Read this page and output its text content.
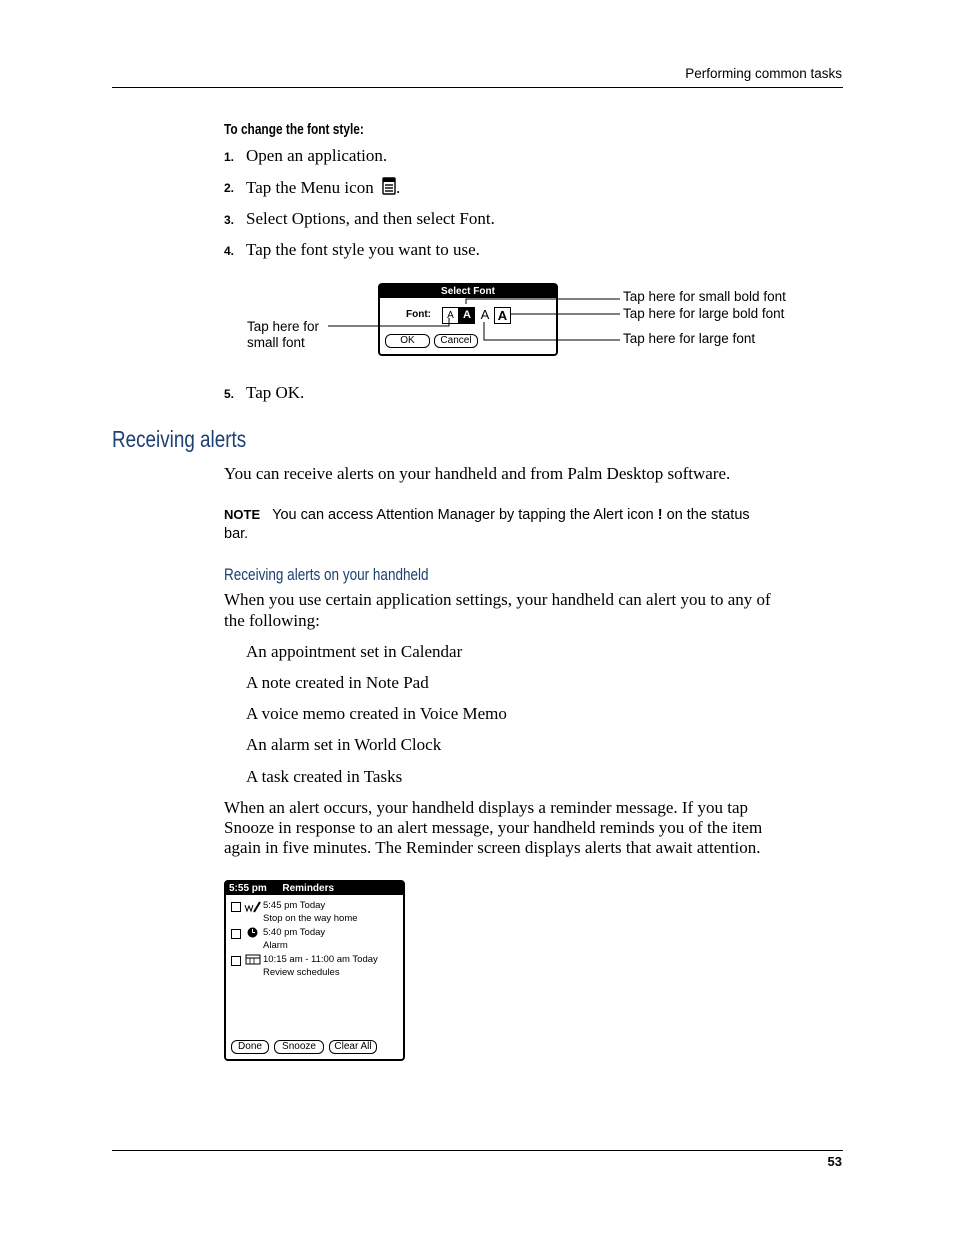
Performing common tasks
To change the font style:
1. Open an application.
2. Tap the Menu icon .
3. Select Options, and then select Font.
4. Tap the font style you want to use.
Select Font
Font:	A A A A
OK	Cancel
Tap here for
small font
Tap here for small bold font
Tap here for large bold font
Tap here for large font
5. Tap OK.
Receiving alerts
You can receive alerts on your handheld and from Palm Desktop software.
NOTE You can access Attention Manager by tapping the Alert icon ! on the status
bar.
Receiving alerts on your handheld
When you use certain application settings, your handheld can alert you to any of
the following:
An appointment set in Calendar
A note created in Note Pad
A voice memo created in Voice Memo
An alarm set in World Clock
A task created in Tasks
When an alert occurs, your handheld displays a reminder message. If you tap
Snooze in response to an alert message, your handheld reminds you of the item
again in five minutes. The Reminder screen displays alerts that await attention.
5:55 pm Reminders
5:45 pm Today
Stop on the way home
5:40 pm Today
Alarm
10:15 am - 11:00 am Today
Review schedules
Done	Snooze	Clear All
53
